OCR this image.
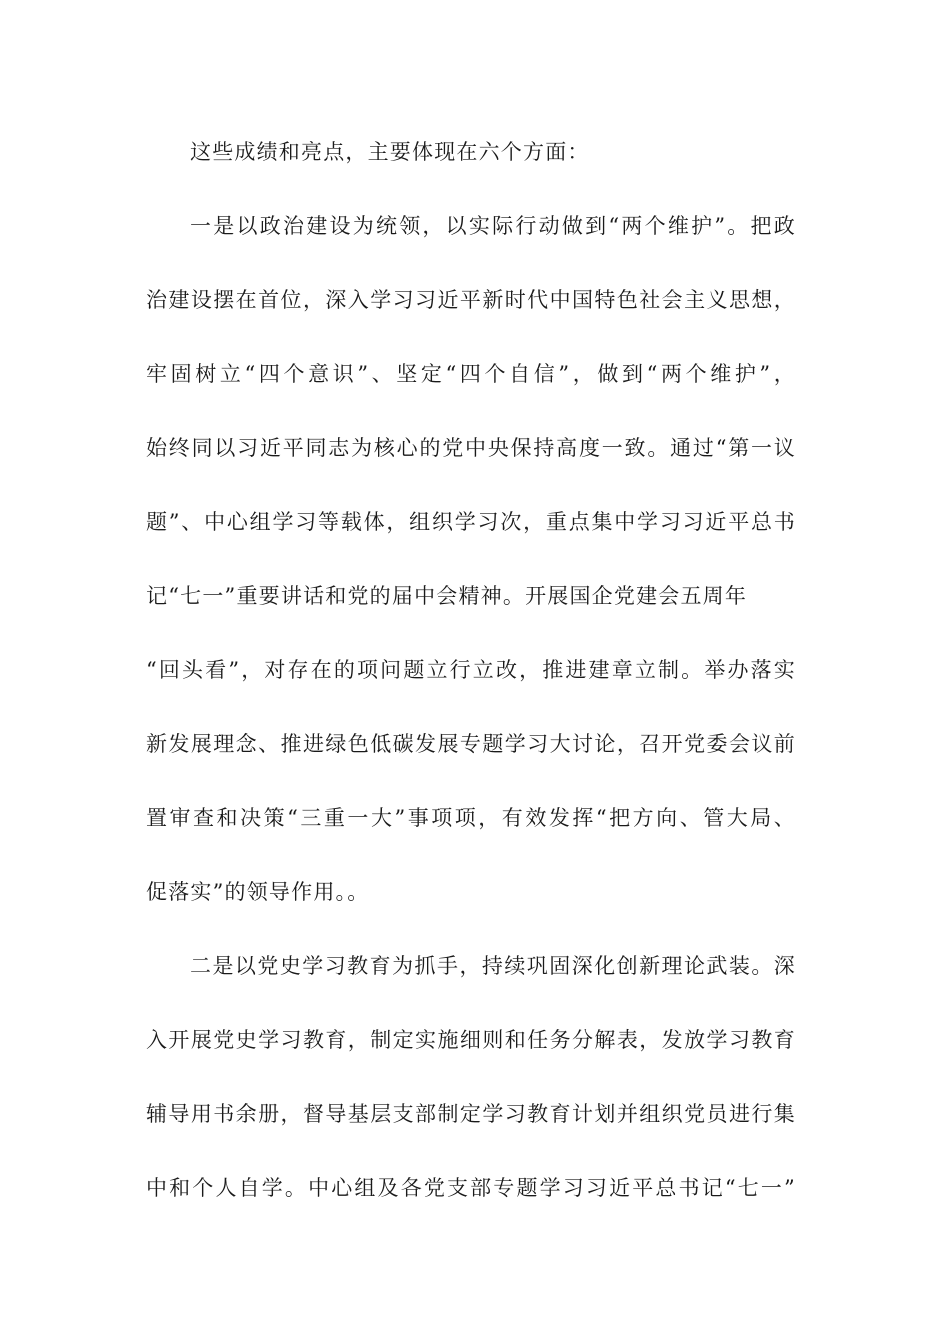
这些成绩和亮点，主要体现在六个方面：
一是以政治建设为统领，以实际行动做到“两个维护”。把政
治建设摆在首位，深入学习习近平新时代中国特色社会主义思想，
牢固树立“四个意识”、坚定“四个自信”，做到“两个维护”，
始终同以习近平同志为核心的党中央保持高度一致。通过“第一议
题”、中心组学习等载体，组织学习次，重点集中学习习近平总书
记“七一”重要讲话和党的届中会精神。开展国企党建会五周年
“回头看”，对存在的项问题立行立改，推进建章立制。举办落实
新发展理念、推进绿色低碳发展专题学习大讨论，召开党委会议前
置审查和决策“三重一大”事项项，有效发挥“把方向、管大局、
促落实”的领导作用。。
二是以党史学习教育为抓手，持续巩固深化创新理论武装。深
入开展党史学习教育，制定实施细则和任务分解表，发放学习教育
辅导用书余册，督导基层支部制定学习教育计划并组织党员进行集
中和个人自学。中心组及各党支部专题学习习近平总书记“七一”
